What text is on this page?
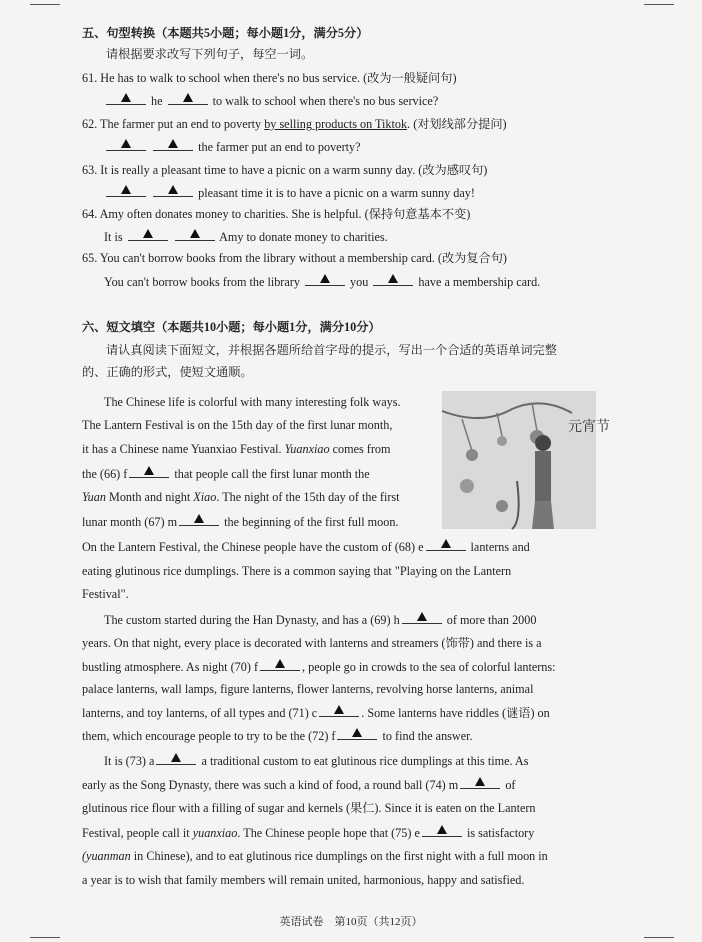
五、句型转换（本题共5小题；每小题1分，满分5分）
请根据要求改写下列句子，每空一词。
61. He has to walk to school when there's no bus service. (改为一般疑问句)
he	to walk to school when there's no bus service?
62. The farmer put an end to poverty by selling products on Tiktok. (对划线部分提问)

the farmer put an end to poverty?
63. It is really a pleasant time to have a picnic on a warm sunny day. (改为感叹句)

pleasant time it is to have a picnic on a warm sunny day!
64. Amy often donates money to charities. She is helpful. (保持句意基本不变)
It is
	Amy to donate money to charities.
65. You can't borrow books from the library without a membership card. (改为复合句)
You can't borrow books from the library	you	have a membership card.
六、短文填空（本题共10小题；每小题1分，满分10分）
请认真阅读下面短文，并根据各题所给首字母的提示，写出一个合适的英语单词完整
的、正确的形式，使短文通顺。
The Chinese life is colorful with many interesting folk ways.
The Lantern Festival is on the 15th day of the first lunar month,
it has a Chinese name Yuanxiao Festival. Yuanxiao comes from
the (66) f	that people call the first lunar month the
Yuan Month and night Xiao. The night of the 15th day of the first
lunar month (67) m	the beginning of the first full moon.
On the Lantern Festival, the Chinese people have the custom of (68) e	lanterns and
eating glutinous rice dumplings. There is a common saying that "Playing on the Lantern
Festival".
元宵节
The custom started during the Han Dynasty, and has a (69) h	of more than 2000
years. On that night, every place is decorated with lanterns and streamers (饰带) and there is a
bustling atmosphere. As night (70) f	, people go in crowds to the sea of colorful lanterns:
palace lanterns, wall lamps, figure lanterns, flower lanterns, revolving horse lanterns, animal
lanterns, and toy lanterns, of all types and (71) c	. Some lanterns have riddles (谜语) on
them, which encourage people to try to be the (72) f	to find the answer.
It is (73) a	a traditional custom to eat glutinous rice dumplings at this time. As
early as the Song Dynasty, there was such a kind of food, a round ball (74) m	of
glutinous rice flour with a filling of sugar and kernels (果仁). Since it is eaten on the Lantern
Festival, people call it yuanxiao. The Chinese people hope that (75) e	is satisfactory
(yuanman in Chinese), and to eat glutinous rice dumplings on the first night with a full moon in
a year is to wish that family members will remain united, harmonious, happy and satisfied.
英语试卷　第10页（共12页）
